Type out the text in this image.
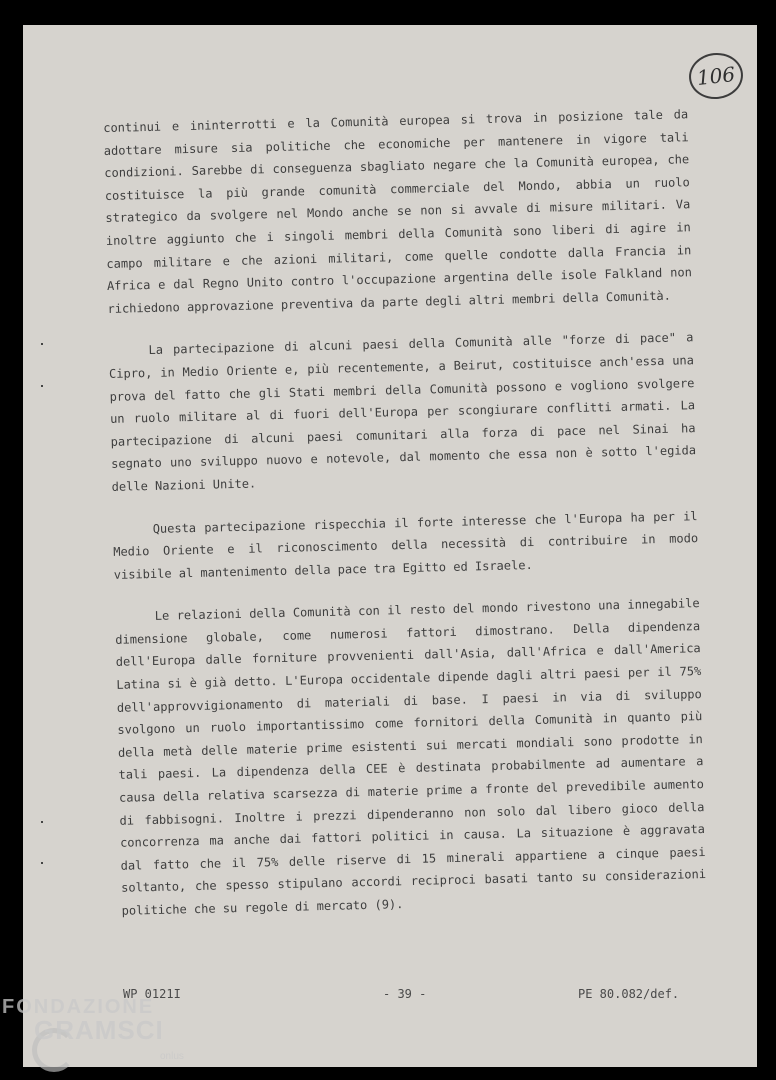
106

continui e ininterrotti e la Comunità europea si trova in posizione tale da adottare misure sia politiche che economiche per mantenere in vigore tali condizioni. Sarebbe di conseguenza sbagliato negare che la Comunità europea, che costituisce la più grande comunità commerciale del Mondo, abbia un ruolo strategico da svolgere nel Mondo anche se non si avvale di misure militari. Va inoltre aggiunto che i singoli membri della Comunità sono liberi di agire in campo militare e che azioni militari, come quelle condotte dalla Francia in Africa e dal Regno Unito contro l'occupazione argentina delle isole Falkland non richiedono approvazione preventiva da parte degli altri membri della Comunità.

La partecipazione di alcuni paesi della Comunità alle "forze di pace" a Cipro, in Medio Oriente e, più recentemente, a Beirut, costituisce anch'essa una prova del fatto che gli Stati membri della Comunità possono e vogliono svolgere un ruolo militare al di fuori dell'Europa per scongiurare conflitti armati. La partecipazione di alcuni paesi comunitari alla forza di pace nel Sinai ha segnato uno sviluppo nuovo e notevole, dal momento che essa non è sotto l'egida delle Nazioni Unite.

Questa partecipazione rispecchia il forte interesse che l'Europa ha per il Medio Oriente e il riconoscimento della necessità di contribuire in modo visibile al mantenimento della pace tra Egitto ed Israele.

Le relazioni della Comunità con il resto del mondo rivestono una innegabile dimensione globale, come numerosi fattori dimostrano. Della dipendenza dell'Europa dalle forniture provvenienti dall'Asia, dall'Africa e dall'America Latina si è già detto. L'Europa occidentale dipende dagli altri paesi per il 75% dell'approvvigionamento di materiali di base. I paesi in via di sviluppo svolgono un ruolo importantissimo come fornitori della Comunità in quanto più della metà delle materie prime esistenti sui mercati mondiali sono prodotte in tali paesi. La dipendenza della CEE è destinata probabilmente ad aumentare a causa della relativa scarsezza di materie prime a fronte del prevedibile aumento di fabbisogni. Inoltre i prezzi dipenderanno non solo dal libero gioco della concorrenza ma anche dai fattori politici in causa. La situazione è aggravata dal fatto che il 75% delle riserve di 15 minerali appartiene a cinque paesi soltanto, che spesso stipulano accordi reciproci basati tanto su considerazioni politiche che su regole di mercato (9).

WP 0121I	- 39 -	PE 80.082/def.
FONDAZIONE
GRAMSCI
onlus
